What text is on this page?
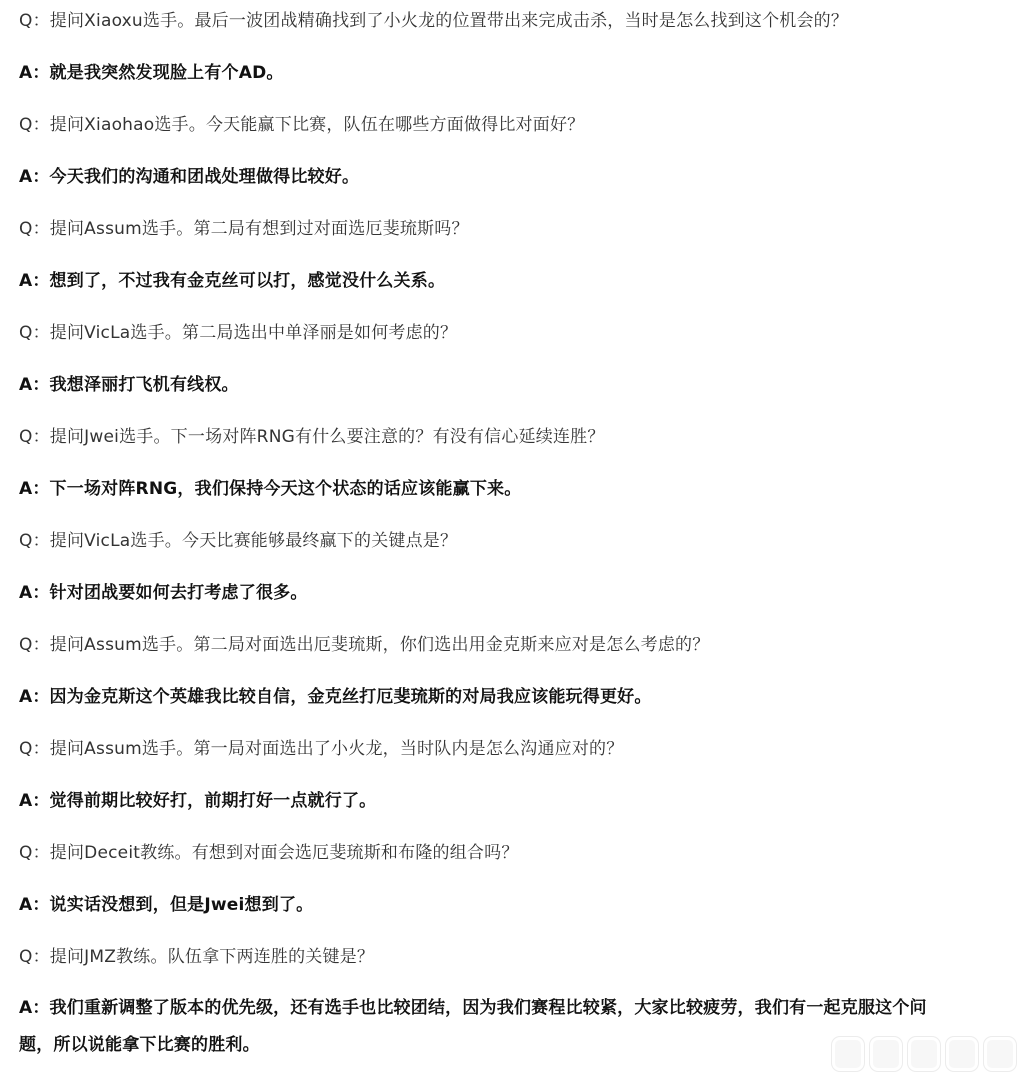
Q：提问Xiaoxu选手。最后一波团战精确找到了小火龙的位置带出来完成击杀，当时是怎么找到这个机会的？
A：就是我突然发现脸上有个AD。
Q：提问Xiaohao选手。今天能赢下比赛，队伍在哪些方面做得比对面好？
A：今天我们的沟通和团战处理做得比较好。
Q：提问Assum选手。第二局有想到过对面选厄斐琉斯吗？
A：想到了，不过我有金克丝可以打，感觉没什么关系。
Q：提问VicLa选手。第二局选出中单泽丽是如何考虑的？
A：我想泽丽打飞机有线权。
Q：提问Jwei选手。下一场对阵RNG有什么要注意的？有没有信心延续连胜？
A：下一场对阵RNG，我们保持今天这个状态的话应该能赢下来。
Q：提问VicLa选手。今天比赛能够最终赢下的关键点是？
A：针对团战要如何去打考虑了很多。
Q：提问Assum选手。第二局对面选出厄斐琉斯，你们选出用金克斯来应对是怎么考虑的？
A：因为金克斯这个英雄我比较自信，金克丝打厄斐琉斯的对局我应该能玩得更好。
Q：提问Assum选手。第一局对面选出了小火龙，当时队内是怎么沟通应对的？
A：觉得前期比较好打，前期打好一点就行了。
Q：提问Deceit教练。有想到对面会选厄斐琉斯和布隆的组合吗？
A：说实话没想到，但是Jwei想到了。
Q：提问JMZ教练。队伍拿下两连胜的关键是？
A：我们重新调整了版本的优先级，还有选手也比较团结，因为我们赛程比较紧，大家比较疲劳，我们有一起克服这个问题，所以说能拿下比赛的胜利。
